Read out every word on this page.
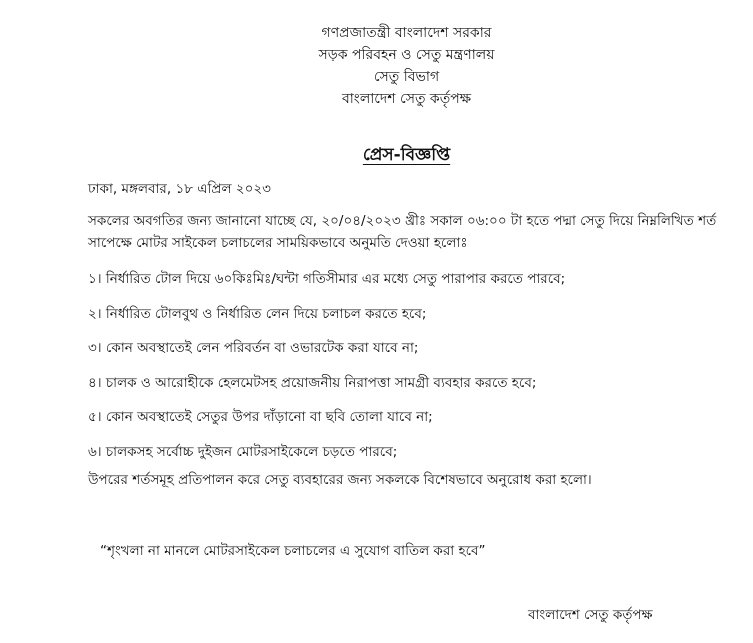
গণপ্রজাতন্ত্রী বাংলাদেশ সরকার
সড়ক পরিবহন ও সেতু মন্ত্রণালয়
সেতু বিভাগ
বাংলাদেশ সেতু কর্তৃপক্ষ
প্রেস-বিজ্ঞপ্তি
ঢাকা, মঙ্গলবার, ১৮ এপ্রিল ২০২৩
সকলের অবগতির জন্য জানানো যাচ্ছে যে, ২০/০৪/২০২৩ খ্রীঃ সকাল ০৬:০০ টা হতে পদ্মা সেতু দিয়ে নিম্নলিখিত শর্ত সাপেক্ষে মোটর সাইকেল চলাচলের সাময়িকভাবে অনুমতি দেওয়া হলোঃ
১। নির্ধারিত টোল দিয়ে ৬০কিঃমিঃ/ঘন্টা গতিসীমার এর মধ্যে সেতু পারাপার করতে পারবে;
২। নির্ধারিত টোলবুথ ও নির্ধারিত লেন দিয়ে চলাচল করতে হবে;
৩। কোন অবস্থাতেই লেন পরিবর্তন বা ওভারটেক করা যাবে না;
৪। চালক ও আরোহীকে হেলমেটসহ প্রয়োজনীয় নিরাপত্তা সামগ্রী ব্যবহার করতে হবে;
৫। কোন অবস্থাতেই সেতুর উপর দাঁড়ানো বা ছবি তোলা যাবে না;
৬। চালকসহ সর্বোচ্চ দুইজন মোটরসাইকেলে চড়তে পারবে;
উপরের শর্তসমূহ প্রতিপালন করে সেতু ব্যবহারের জন্য সকলকে বিশেষভাবে অনুরোধ করা হলো।
“শৃংখলা না মানলে মোটরসাইকেল চলাচলের এ সুযোগ বাতিল করা হবে”
বাংলাদেশ সেতু কর্তৃপক্ষ
